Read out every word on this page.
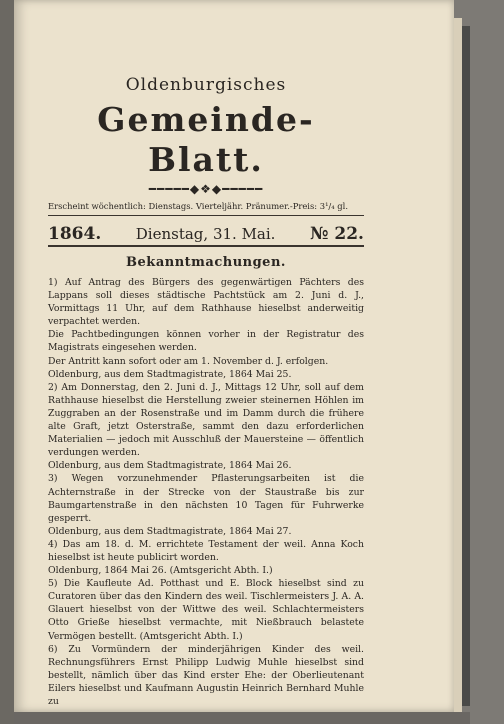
Oldenburgisches

Gemeinde-Blatt.

━━━━━◆❖◆━━━━━

Erscheint wöchentlich: Dienstags. Vierteljähr. Pränumer.-Preis: 3¹/₄ gl.

1864. Dienstag, 31. Mai. № 22.
Bekanntmachungen.

1) Auf Antrag des Bürgers des gegenwärtigen Pächters des Lappans soll dieses städtische Pachtstück am 2. Juni d. J., Vormittags 11 Uhr, auf dem Rathhause hieselbst anderweitig verpachtet werden.

Die Pachtbedingungen können vorher in der Registratur des Magistrats eingesehen werden.

Der Antritt kann sofort oder am 1. November d. J. erfolgen.

Oldenburg, aus dem Stadtmagistrate, 1864 Mai 25.

2) Am Donnerstag, den 2. Juni d. J., Mittags 12 Uhr, soll auf dem Rathhause hieselbst die Herstellung zweier steinernen Höhlen im Zuggraben an der Rosenstraße und im Damm durch die frühere alte Graft, jetzt Osterstraße, sammt den dazu erforderlichen Materialien — jedoch mit Ausschluß der Mauersteine — öffentlich verdungen werden.

Oldenburg, aus dem Stadtmagistrate, 1864 Mai 26.

3) Wegen vorzunehmender Pflasterungsarbeiten ist die Achternstraße in der Strecke von der Staustraße bis zur Baumgartenstraße in den nächsten 10 Tagen für Fuhrwerke gesperrt.

Oldenburg, aus dem Stadtmagistrate, 1864 Mai 27.

4) Das am 18. d. M. errichtete Testament der weil. Anna Koch hieselbst ist heute publicirt worden.

Oldenburg, 1864 Mai 26. (Amtsgericht Abth. I.)

5) Die Kaufleute Ad. Potthast und E. Block hieselbst sind zu Curatoren über das den Kindern des weil. Tischlermeisters J. A. A. Glauert hieselbst von der Wittwe des weil. Schlachtermeisters Otto Grieße hieselbst vermachte, mit Nießbrauch belastete Vermögen bestellt. (Amtsgericht Abth. I.)

6) Zu Vormündern der minderjährigen Kinder des weil. Rechnungsführers Ernst Philipp Ludwig Muhle hieselbst sind bestellt, nämlich über das Kind erster Ehe: der Oberlieutenant Eilers hieselbst und Kaufmann Augustin Heinrich Bernhard Muhle zu
